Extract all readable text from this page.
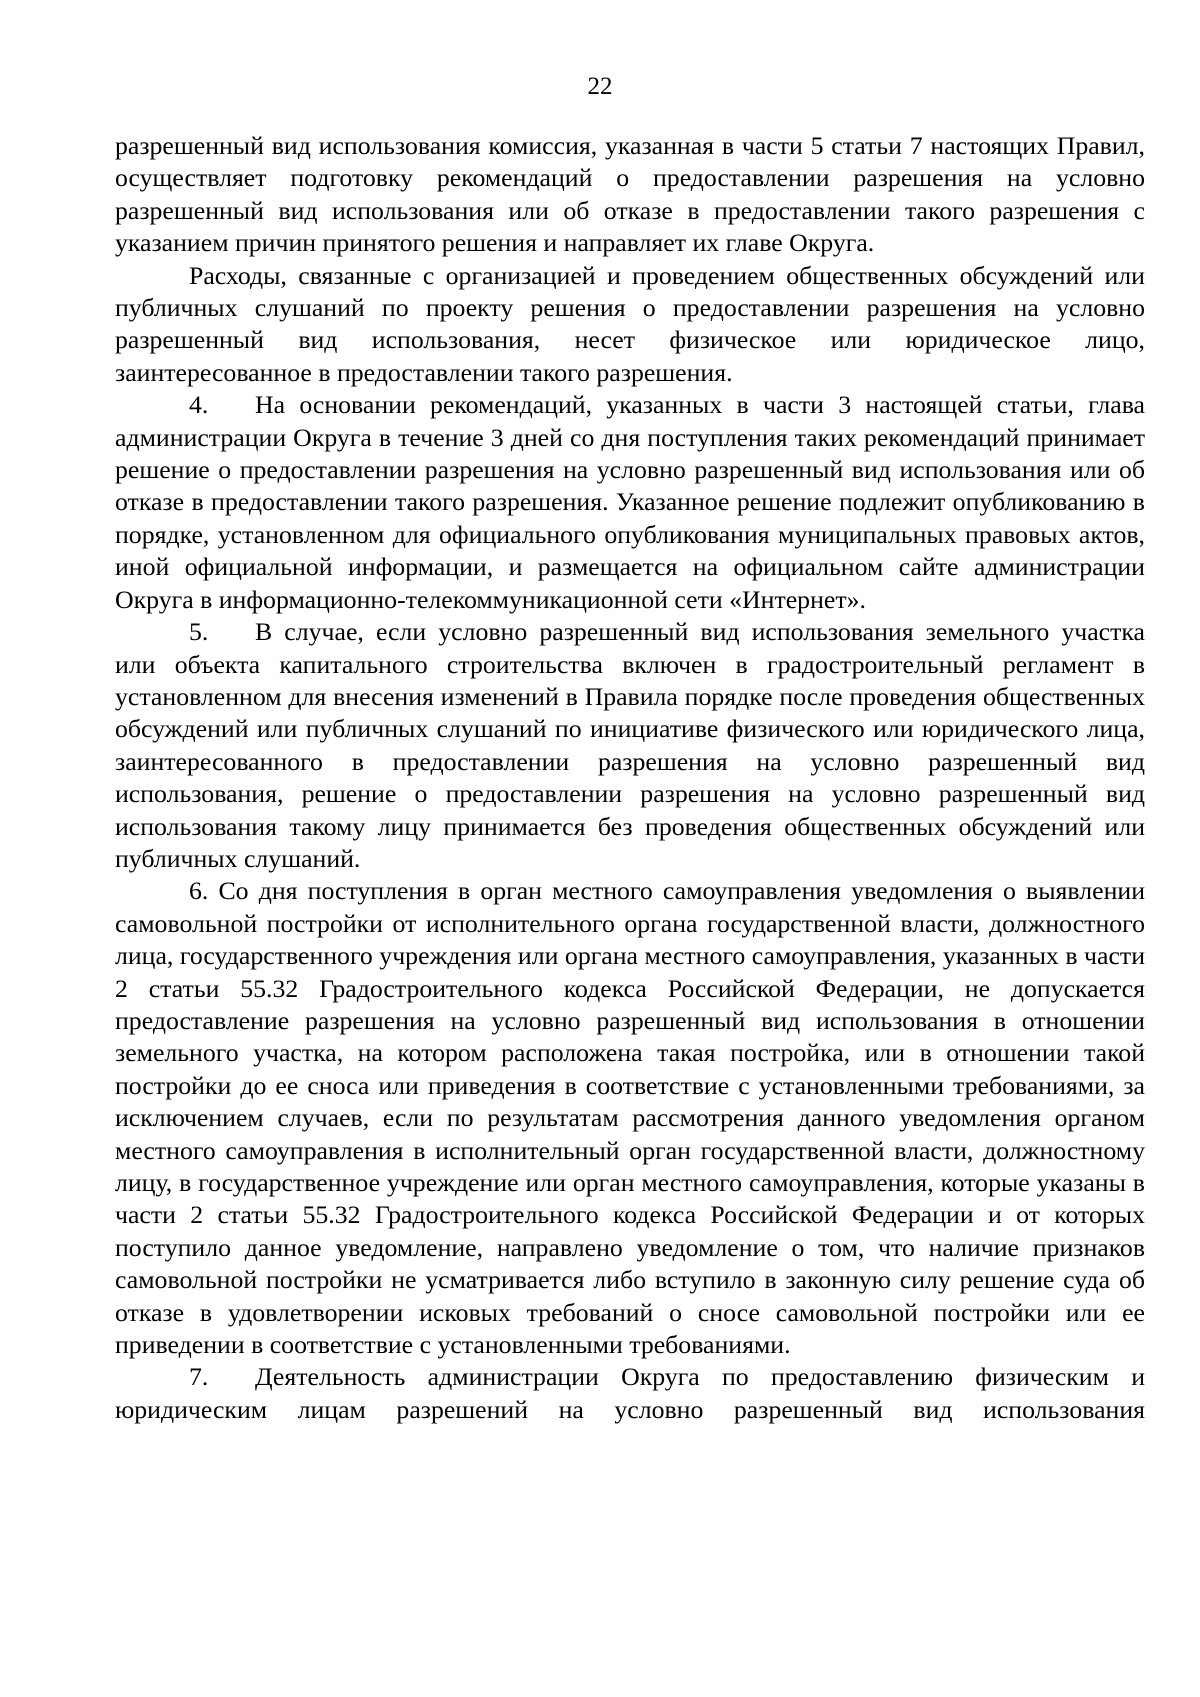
22

разрешенный вид использования комиссия, указанная в части 5 статьи 7 настоящих Правил, осуществляет подготовку рекомендаций о предоставлении разрешения на условно разрешенный вид использования или об отказе в предоставлении такого разрешения с указанием причин принятого решения и направляет их главе Округа.

Расходы, связанные с организацией и проведением общественных обсуждений или публичных слушаний по проекту решения о предоставлении разрешения на условно разрешенный вид использования, несет физическое или юридическое лицо, заинтересованное в предоставлении такого разрешения.

4. На основании рекомендаций, указанных в части 3 настоящей статьи, глава администрации Округа в течение 3 дней со дня поступления таких рекомендаций принимает решение о предоставлении разрешения на условно разрешенный вид использования или об отказе в предоставлении такого разрешения. Указанное решение подлежит опубликованию в порядке, установленном для официального опубликования муниципальных правовых актов, иной официальной информации, и размещается на официальном сайте администрации Округа в информационно-телекоммуникационной сети «Интернет».

5. В случае, если условно разрешенный вид использования земельного участка или объекта капитального строительства включен в градостроительный регламент в установленном для внесения изменений в Правила порядке после проведения общественных обсуждений или публичных слушаний по инициативе физического или юридического лица, заинтересованного в предоставлении разрешения на условно разрешенный вид использования, решение о предоставлении разрешения на условно разрешенный вид использования такому лицу принимается без проведения общественных обсуждений или публичных слушаний.

6. Со дня поступления в орган местного самоуправления уведомления о выявлении самовольной постройки от исполнительного органа государственной власти, должностного лица, государственного учреждения или органа местного самоуправления, указанных в части 2 статьи 55.32 Градостроительного кодекса Российской Федерации, не допускается предоставление разрешения на условно разрешенный вид использования в отношении земельного участка, на котором расположена такая постройка, или в отношении такой постройки до ее сноса или приведения в соответствие с установленными требованиями, за исключением случаев, если по результатам рассмотрения данного уведомления органом местного самоуправления в исполнительный орган государственной власти, должностному лицу, в государственное учреждение или орган местного самоуправления, которые указаны в части 2 статьи 55.32 Градостроительного кодекса Российской Федерации и от которых поступило данное уведомление, направлено уведомление о том, что наличие признаков самовольной постройки не усматривается либо вступило в законную силу решение суда об отказе в удовлетворении исковых требований о сносе самовольной постройки или ее приведении в соответствие с установленными требованиями.

7. Деятельность администрации Округа по предоставлению физическим и юридическим лицам разрешений на условно разрешенный вид использования
